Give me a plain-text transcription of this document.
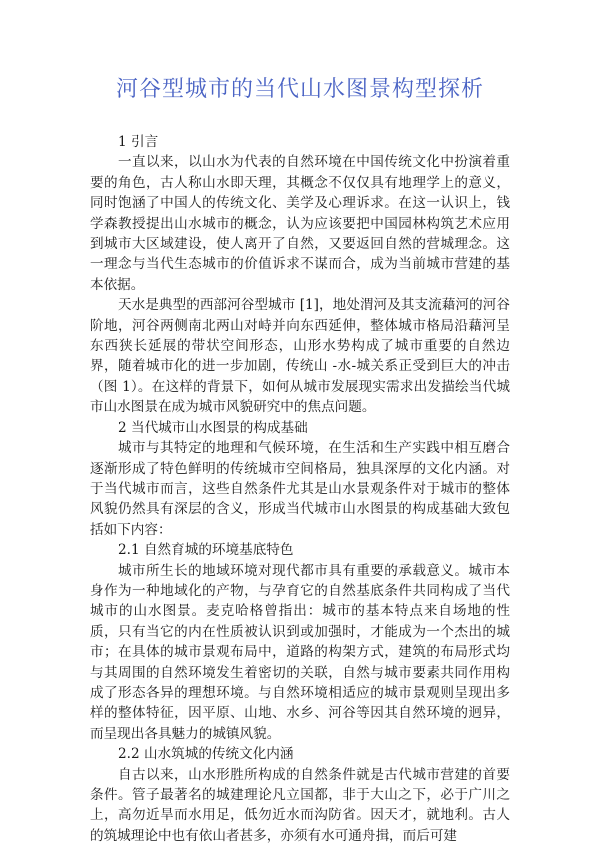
河谷型城市的当代山水图景构型探析

1 引言

一直以来，以山水为代表的自然环境在中国传统文化中扮演着重要的角色，古人称山水即天理，其概念不仅仅具有地理学上的意义，同时饱涵了中国人的传统文化、美学及心理诉求。在这一认识上，钱学森教授提出山水城市的概念，认为应该要把中国园林构筑艺术应用到城市大区域建设，使人离开了自然，又要返回自然的营城理念。这一理念与当代生态城市的价值诉求不谋而合，成为当前城市营建的基本依据。

天水是典型的西部河谷型城市 [1]，地处渭河及其支流藉河的河谷阶地，河谷两侧南北两山对峙并向东西延伸，整体城市格局沿藉河呈东西狭长延展的带状空间形态，山形水势构成了城市重要的自然边界，随着城市化的进一步加剧，传统山 -水-城关系正受到巨大的冲击（图 1）。在这样的背景下，如何从城市发展现实需求出发描绘当代城市山水图景在成为城市风貌研究中的焦点问题。

2 当代城市山水图景的构成基础

城市与其特定的地理和气候环境，在生活和生产实践中相互磨合逐渐形成了特色鲜明的传统城市空间格局，独具深厚的文化内涵。对于当代城市而言，这些自然条件尤其是山水景观条件对于城市的整体风貌仍然具有深层的含义，形成当代城市山水图景的构成基础大致包括如下内容：

2.1 自然育城的环境基底特色

城市所生长的地域环境对现代都市具有重要的承载意义。城市本身作为一种地域化的产物，与孕育它的自然基底条件共同构成了当代城市的山水图景。麦克哈格曾指出：城市的基本特点来自场地的性质，只有当它的内在性质被认识到或加强时，才能成为一个杰出的城市；在具体的城市景观布局中，道路的构架方式，建筑的布局形式均与其周围的自然环境发生着密切的关联，自然与城市要素共同作用构成了形态各异的理想环境。与自然环境相适应的城市景观则呈现出多样的整体特征，因平原、山地、水乡、河谷等因其自然环境的迥异，而呈现出各具魅力的城镇风貌。

2.2 山水筑城的传统文化内涵

自古以来，山水形胜所构成的自然条件就是古代城市营建的首要条件。管子最著名的城建理论凡立国都，非于大山之下，必于广川之上，高勿近旱而水用足，低勿近水而沟防省。因天才，就地利。古人的筑城理论中也有依山者甚多，亦须有水可通舟揖，而后可建
